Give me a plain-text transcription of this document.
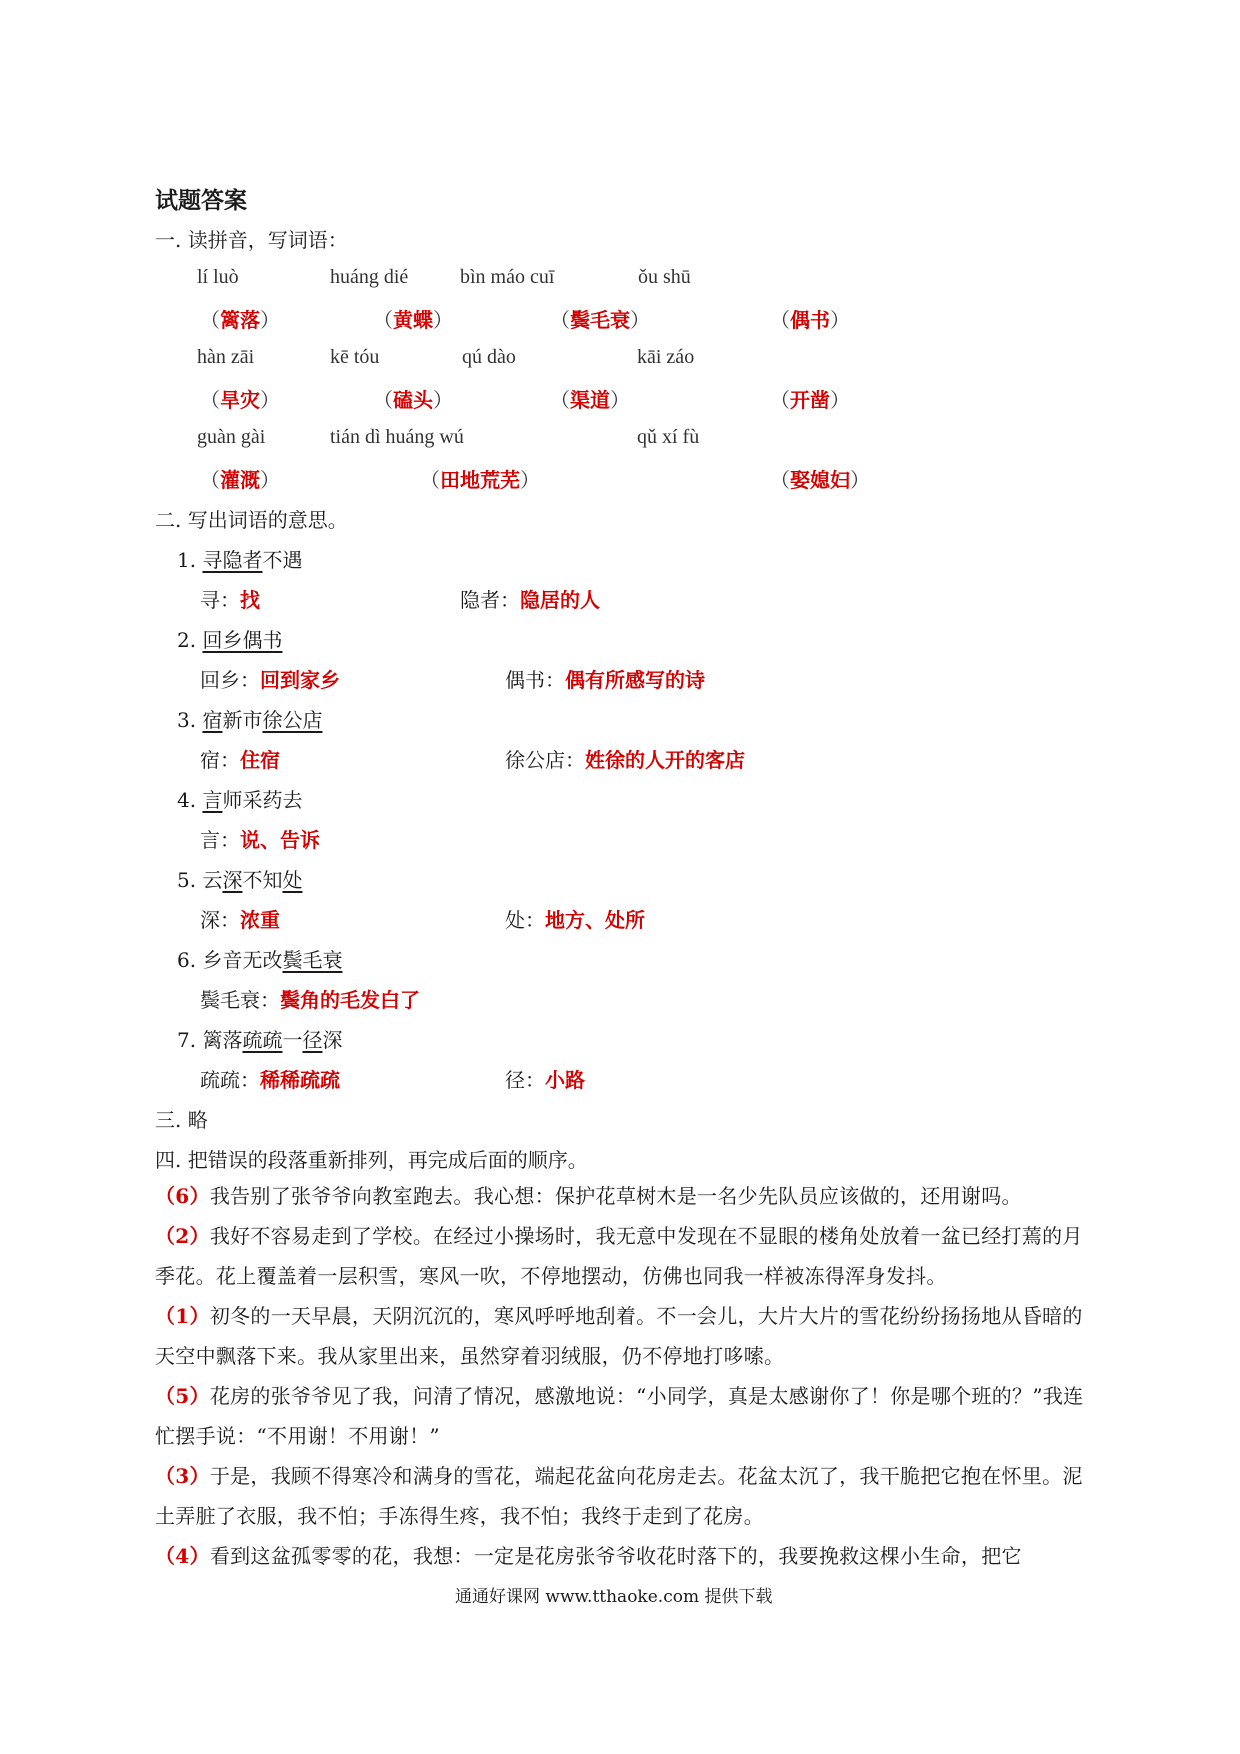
试题答案
一. 读拼音，写词语：
lí luò	huáng dié	bìn máo cuī	ǒu shū
（篱落）	（黄蝶）	（鬓毛衰）	（偶书）
hàn zāi	kē tóu	qú dào	kāi záo
（旱灾）	（磕头）	（渠道）	（开凿）
guàn gài	tián dì huáng wú	qǔ xí fù
（灌溉）	（田地荒芜）	（娶媳妇）
二. 写出词语的意思。
1. 寻隐者不遇
寻：找	隐者：隐居的人
2. 回乡偶书
回乡：回到家乡	偶书：偶有所感写的诗
3. 宿新市徐公店
宿：住宿	徐公店：姓徐的人开的客店
4. 言师采药去
言：说、告诉
5. 云深不知处
深：浓重	处：地方、处所
6. 乡音无改鬓毛衰
鬓毛衰：鬓角的毛发白了
7. 篱落疏疏一径深
疏疏：稀稀疏疏	径：小路
三. 略
四. 把错误的段落重新排列，再完成后面的顺序。
（6）我告别了张爷爷向教室跑去。我心想：保护花草树木是一名少先队员应该做的，还用谢吗。
（2）我好不容易走到了学校。在经过小操场时，我无意中发现在不显眼的楼角处放着一盆已经打蔫的月季花。花上覆盖着一层积雪，寒风一吹，不停地摆动，仿佛也同我一样被冻得浑身发抖。
（1）初冬的一天早晨，天阴沉沉的，寒风呼呼地刮着。不一会儿，大片大片的雪花纷纷扬扬地从昏暗的天空中飘落下来。我从家里出来，虽然穿着羽绒服，仍不停地打哆嗦。
（5）花房的张爷爷见了我，问清了情况，感激地说：“小同学，真是太感谢你了！你是哪个班的？”我连忙摆手说：“不用谢！不用谢！”
（3）于是，我顾不得寒冷和满身的雪花，端起花盆向花房走去。花盆太沉了，我干脆把它抱在怀里。泥土弄脏了衣服，我不怕；手冻得生疼，我不怕；我终于走到了花房。
（4）看到这盆孤零零的花，我想：一定是花房张爷爷收花时落下的，我要挽救这棵小生命，把它
通通好课网 www.tthaoke.com 提供下载
